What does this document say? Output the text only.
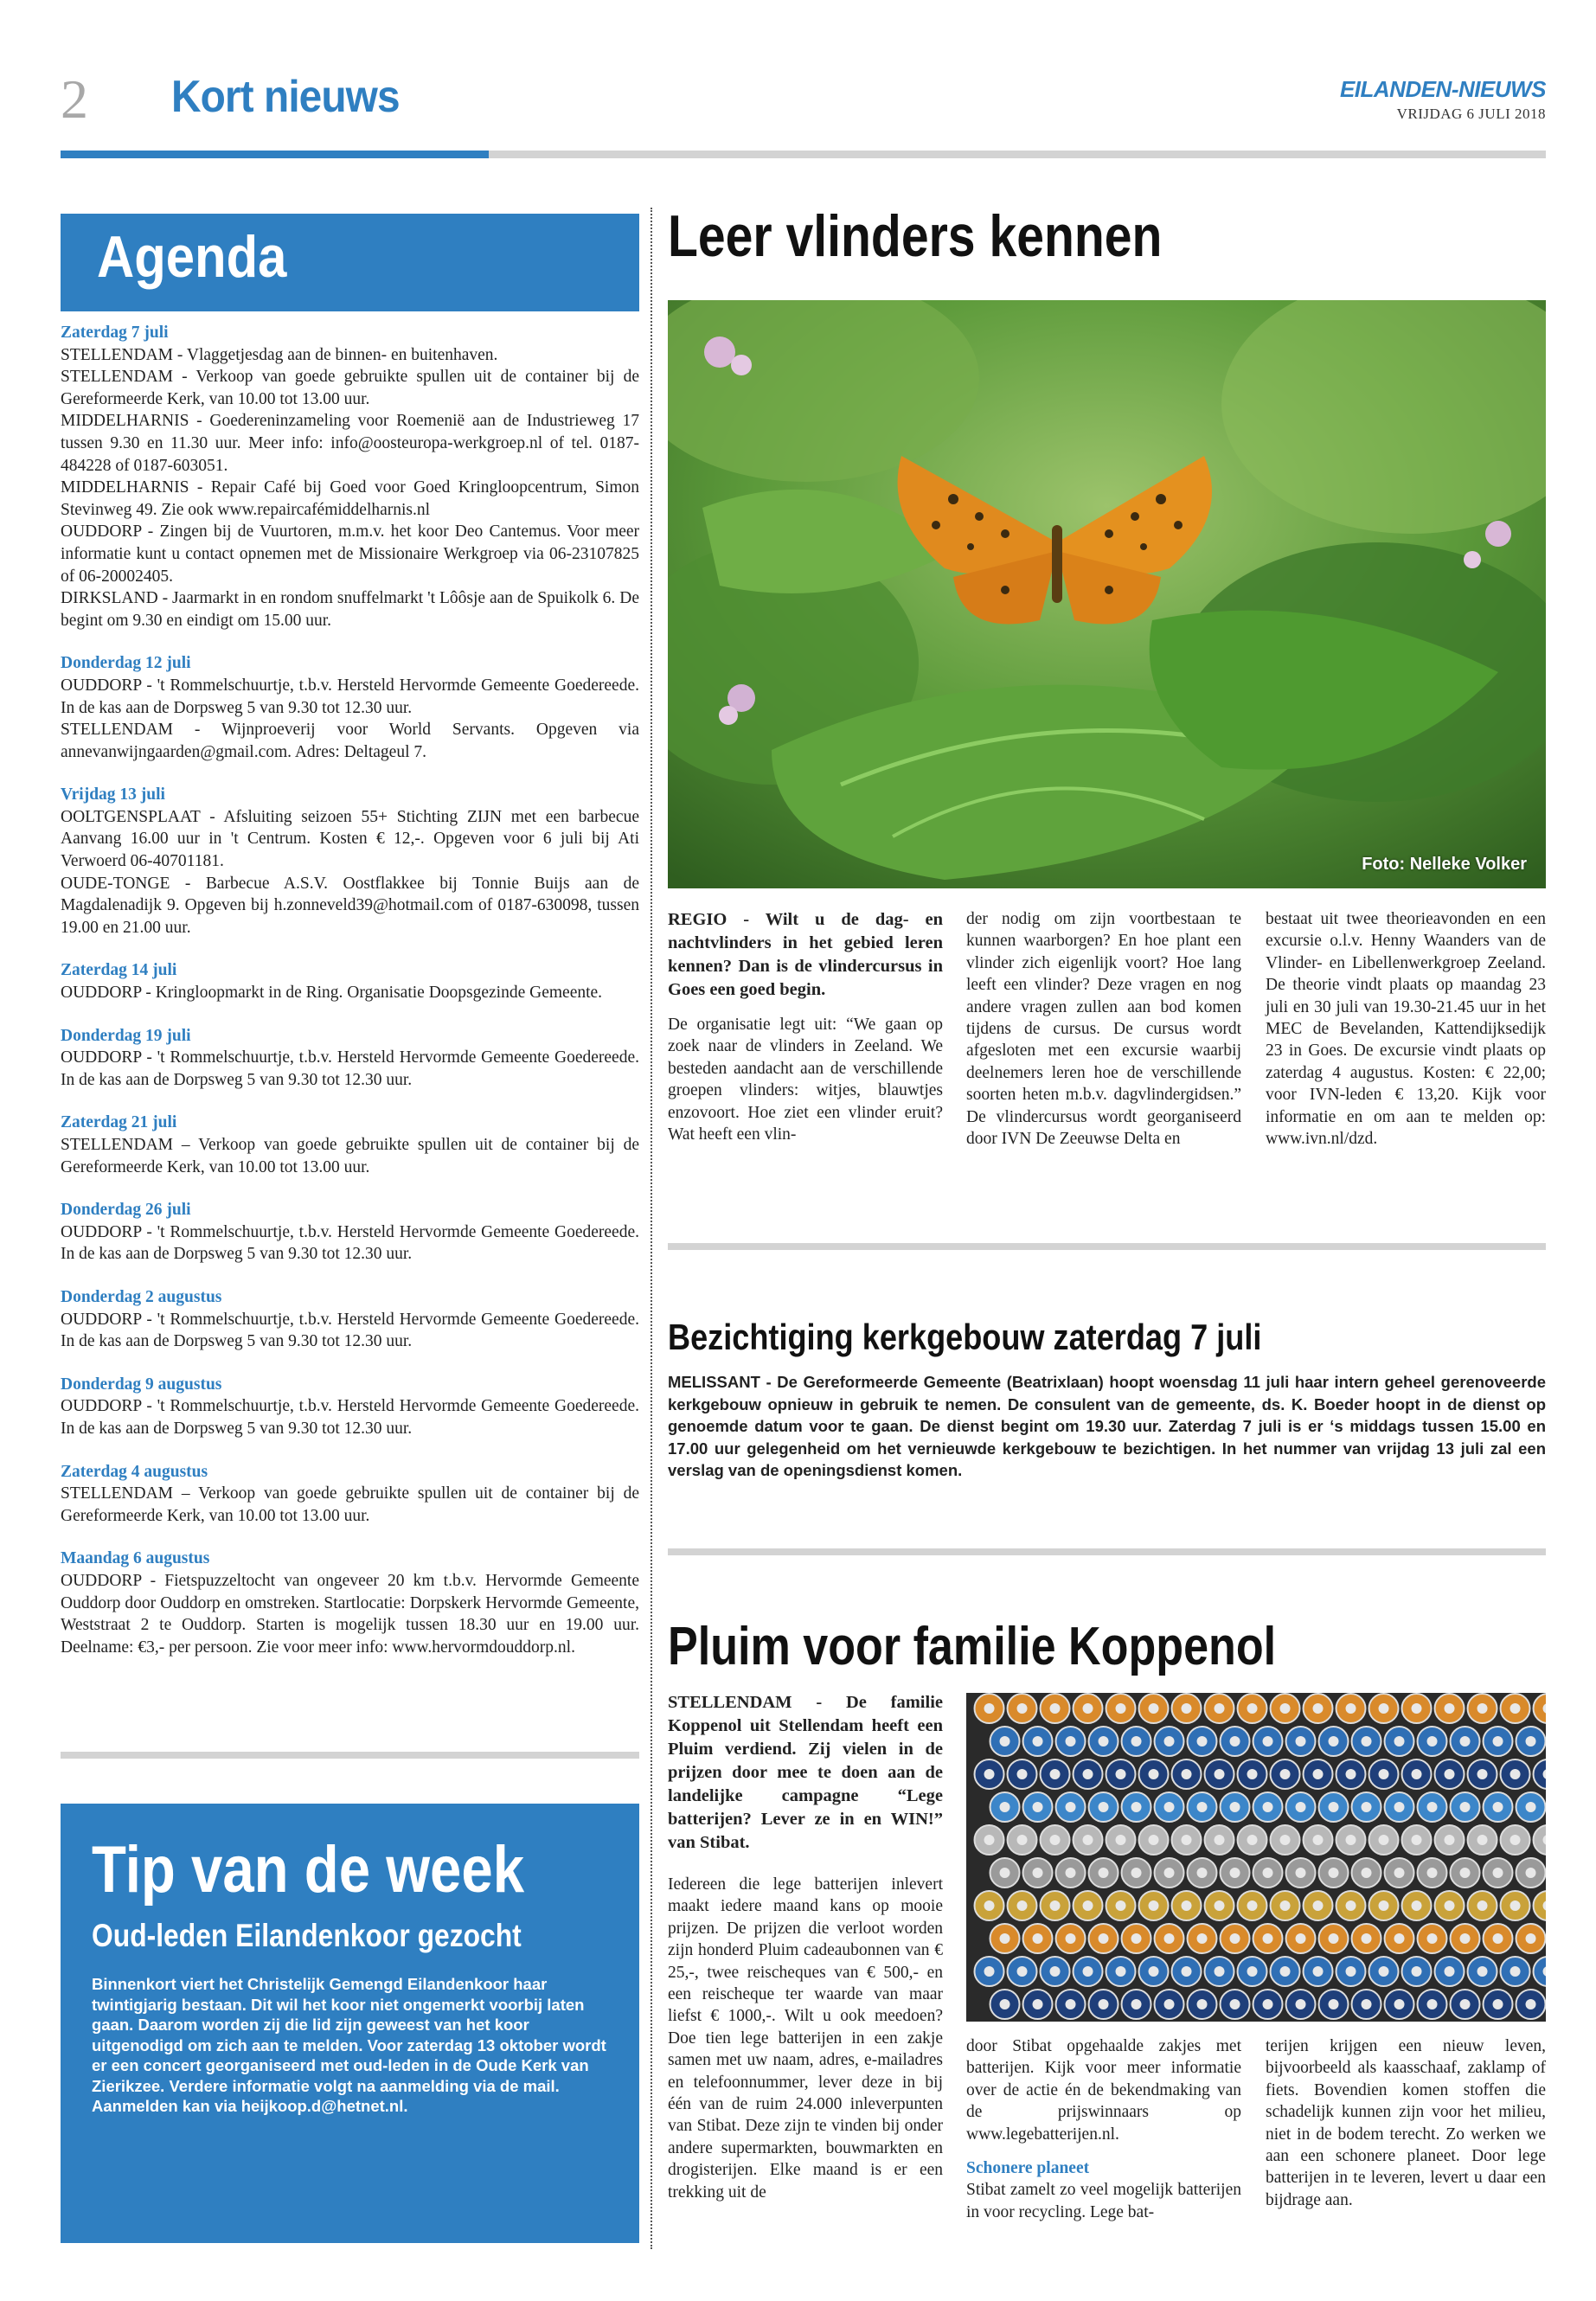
2 Kort nieuws	EILANDEN-NIEUWS
VRIJDAG 6 JULI 2018
Agenda
Zaterdag 7 juli
STELLENDAM - Vlaggetjesdag aan de binnen- en buitenhaven.
STELLENDAM - Verkoop van goede gebruikte spullen uit de container bij de Gereformeerde Kerk, van 10.00 tot 13.00 uur.
MIDDELHARNIS - Goedereninzameling voor Roemenië aan de Industrieweg 17 tussen 9.30 en 11.30 uur. Meer info: info@oosteuropa-werkgroep.nl of tel. 0187-484228 of 0187-603051.
MIDDELHARNIS - Repair Café bij Goed voor Goed Kringloopcentrum, Simon Stevinweg 49. Zie ook www.repaircafémiddelharnis.nl
OUDDORP - Zingen bij de Vuurtoren, m.m.v. het koor Deo Cantemus. Voor meer informatie kunt u contact opnemen met de Missionaire Werkgroep via 06-23107825 of 06-20002405.
DIRKSLAND - Jaarmarkt in en rondom snuffelmarkt 't Lôôsje aan de Spuikolk 6. De begint om 9.30 en eindigt om 15.00 uur.
Donderdag 12 juli
OUDDORP - 't Rommelschuurtje, t.b.v. Hersteld Hervormde Gemeente Goedereede. In de kas aan de Dorpsweg 5 van 9.30 tot 12.30 uur.
STELLENDAM - Wijnproeverij voor World Servants. Opgeven via annevanwijngaarden@gmail.com. Adres: Deltageul 7.
Vrijdag 13 juli
OOLTGENSPLAAT - Afsluiting seizoen 55+ Stichting ZIJN met een barbecue Aanvang 16.00 uur in 't Centrum. Kosten € 12,-. Opgeven voor 6 juli bij Ati Verwoerd 06-40701181.
OUDE-TONGE - Barbecue A.S.V. Oostflakkee bij Tonnie Buijs aan de Magdalenadijk 9. Opgeven bij h.zonneveld39@hotmail.com of 0187-630098, tussen 19.00 en 21.00 uur.
Zaterdag 14 juli
OUDDORP - Kringloopmarkt in de Ring. Organisatie Doopsgezinde Gemeente.
Donderdag 19 juli
OUDDORP - 't Rommelschuurtje, t.b.v. Hersteld Hervormde Gemeente Goedereede. In de kas aan de Dorpsweg 5 van 9.30 tot 12.30 uur.
Zaterdag 21 juli
STELLENDAM – Verkoop van goede gebruikte spullen uit de container bij de Gereformeerde Kerk, van 10.00 tot 13.00 uur.
Donderdag 26 juli
OUDDORP - 't Rommelschuurtje, t.b.v. Hersteld Hervormde Gemeente Goedereede. In de kas aan de Dorpsweg 5 van 9.30 tot 12.30 uur.
Donderdag 2 augustus
OUDDORP - 't Rommelschuurtje, t.b.v. Hersteld Hervormde Gemeente Goedereede. In de kas aan de Dorpsweg 5 van 9.30 tot 12.30 uur.
Donderdag 9 augustus
OUDDORP - 't Rommelschuurtje, t.b.v. Hersteld Hervormde Gemeente Goedereede. In de kas aan de Dorpsweg 5 van 9.30 tot 12.30 uur.
Zaterdag 4 augustus
STELLENDAM – Verkoop van goede gebruikte spullen uit de container bij de Gereformeerde Kerk, van 10.00 tot 13.00 uur.
Maandag 6 augustus
OUDDORP - Fietspuzzeltocht van ongeveer 20 km t.b.v. Hervormde Gemeente Ouddorp door Ouddorp en omstreken. Startlocatie: Dorpskerk Hervormde Gemeente, Weststraat 2 te Ouddorp. Starten is mogelijk tussen 18.30 uur en 19.00 uur. Deelname: €3,- per persoon. Zie voor meer info: www.hervormdouddorp.nl.
Tip van de week
Oud-leden Eilandenkoor gezocht
Binnenkort viert het Christelijk Gemengd Eilandenkoor haar twintigjarig bestaan. Dit wil het koor niet ongemerkt voorbij laten gaan. Daarom worden zij die lid zijn geweest van het koor uitgenodigd om zich aan te melden. Voor zaterdag 13 oktober wordt er een concert georganiseerd met oud-leden in de Oude Kerk van Zierikzee. Verdere informatie volgt na aanmelding via de mail. Aanmelden kan via heijkoop.d@hetnet.nl.
Leer vlinders kennen
Foto: Nelleke Volker
REGIO - Wilt u de dag- en nachtvlinders in het gebied leren kennen? Dan is de vlindercursus in Goes een goed begin.
De organisatie legt uit: “We gaan op zoek naar de vlinders in Zeeland. We besteden aandacht aan de verschillende groepen vlinders: witjes, blauwtjes enzovoort. Hoe ziet een vlinder eruit? Wat heeft een vlin-
der nodig om zijn voortbestaan te kunnen waarborgen? En hoe plant een vlinder zich eigenlijk voort? Hoe lang leeft een vlinder? Deze vragen en nog andere vragen zullen aan bod komen tijdens de cursus. De cursus wordt afgesloten met een excursie waarbij deelnemers leren hoe de verschillende soorten heten m.b.v. dagvlindergidsen.” De vlindercursus wordt georganiseerd door IVN De Zeeuwse Delta en
bestaat uit twee theorieavonden en een excursie o.l.v. Henny Waanders van de Vlinder- en Libellenwerkgroep Zeeland. De theorie vindt plaats op maandag 23 juli en 30 juli van 19.30-21.45 uur in het MEC de Bevelanden, Kattendijksedijk 23 in Goes. De excursie vindt plaats op zaterdag 4 augustus. Kosten: € 22,00; voor IVN-leden € 13,20. Kijk voor informatie en om aan te melden op: www.ivn.nl/dzd.
Bezichtiging kerkgebouw zaterdag 7 juli
MELISSANT - De Gereformeerde Gemeente (Beatrixlaan) hoopt woensdag 11 juli haar intern geheel gerenoveerde kerkgebouw opnieuw in gebruik te nemen. De consulent van de gemeente, ds. K. Boeder hoopt in de dienst op genoemde datum voor te gaan. De dienst begint om 19.30 uur. Zaterdag 7 juli is er ‘s middags tussen 15.00 en 17.00 uur gelegenheid om het vernieuwde kerkgebouw te bezichtigen. In het nummer van vrijdag 13 juli zal een verslag van de openingsdienst komen.
Pluim voor familie Koppenol
STELLENDAM - De familie Koppenol uit Stellendam heeft een Pluim verdiend. Zij vielen in de prijzen door mee te doen aan de landelijke campagne “Lege batterijen? Lever ze in en WIN!” van Stibat.
Iedereen die lege batterijen inlevert maakt iedere maand kans op mooie prijzen. De prijzen die verloot worden zijn honderd Pluim cadeaubonnen van € 25,-, twee reischeques van € 500,- en een reischeque ter waarde van maar liefst € 1000,-. Wilt u ook meedoen? Doe tien lege batterijen in een zakje samen met uw naam, adres, e-mailadres en telefoonnummer, lever deze in bij één van de ruim 24.000 inleverpunten van Stibat. Deze zijn te vinden bij onder andere supermarkten, bouwmarkten en drogisterijen. Elke maand is er een trekking uit de
door Stibat opgehaalde zakjes met batterijen. Kijk voor meer informatie over de actie én de bekendmaking van de prijswinnaars op www.legebatterijen.nl.
Schonere planeet
Stibat zamelt zo veel mogelijk batterijen in voor recycling. Lege bat-
terijen krijgen een nieuw leven, bijvoorbeeld als kaasschaaf, zaklamp of fiets. Bovendien komen stoffen die schadelijk kunnen zijn voor het milieu, niet in de bodem terecht. Zo werken we aan een schonere planeet. Door lege batterijen in te leveren, levert u daar een bijdrage aan.
